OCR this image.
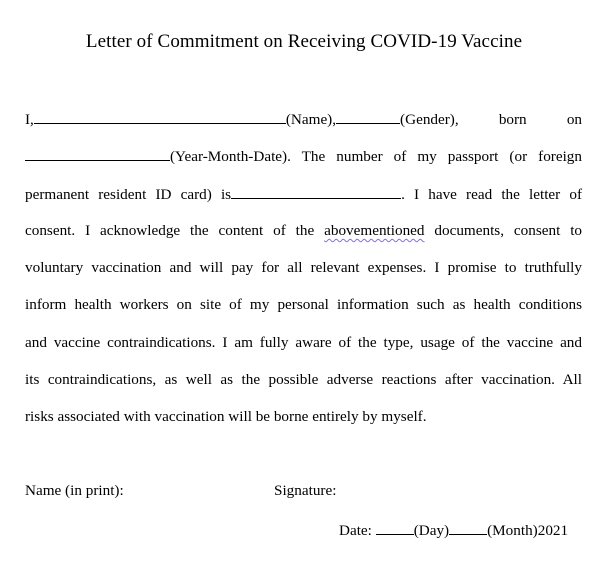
Letter of Commitment on Receiving COVID-19 Vaccine
I,	(Name),	(Gender),	born	on
(Year-Month-Date). The number of my passport (or foreign
permanent resident ID card) is	. I have read the letter of
consent. I acknowledge the content of the abovementioned documents, consent to
voluntary vaccination and will pay for all relevant expenses. I promise to truthfully
inform health workers on site of my personal information such as health conditions
and vaccine contraindications. I am fully aware of the type, usage of the vaccine and
its contraindications, as well as the possible adverse reactions after vaccination. All
risks associated with vaccination will be borne entirely by myself.
Name (in print):	Signature:
Date:	(Day)	(Month)2021
